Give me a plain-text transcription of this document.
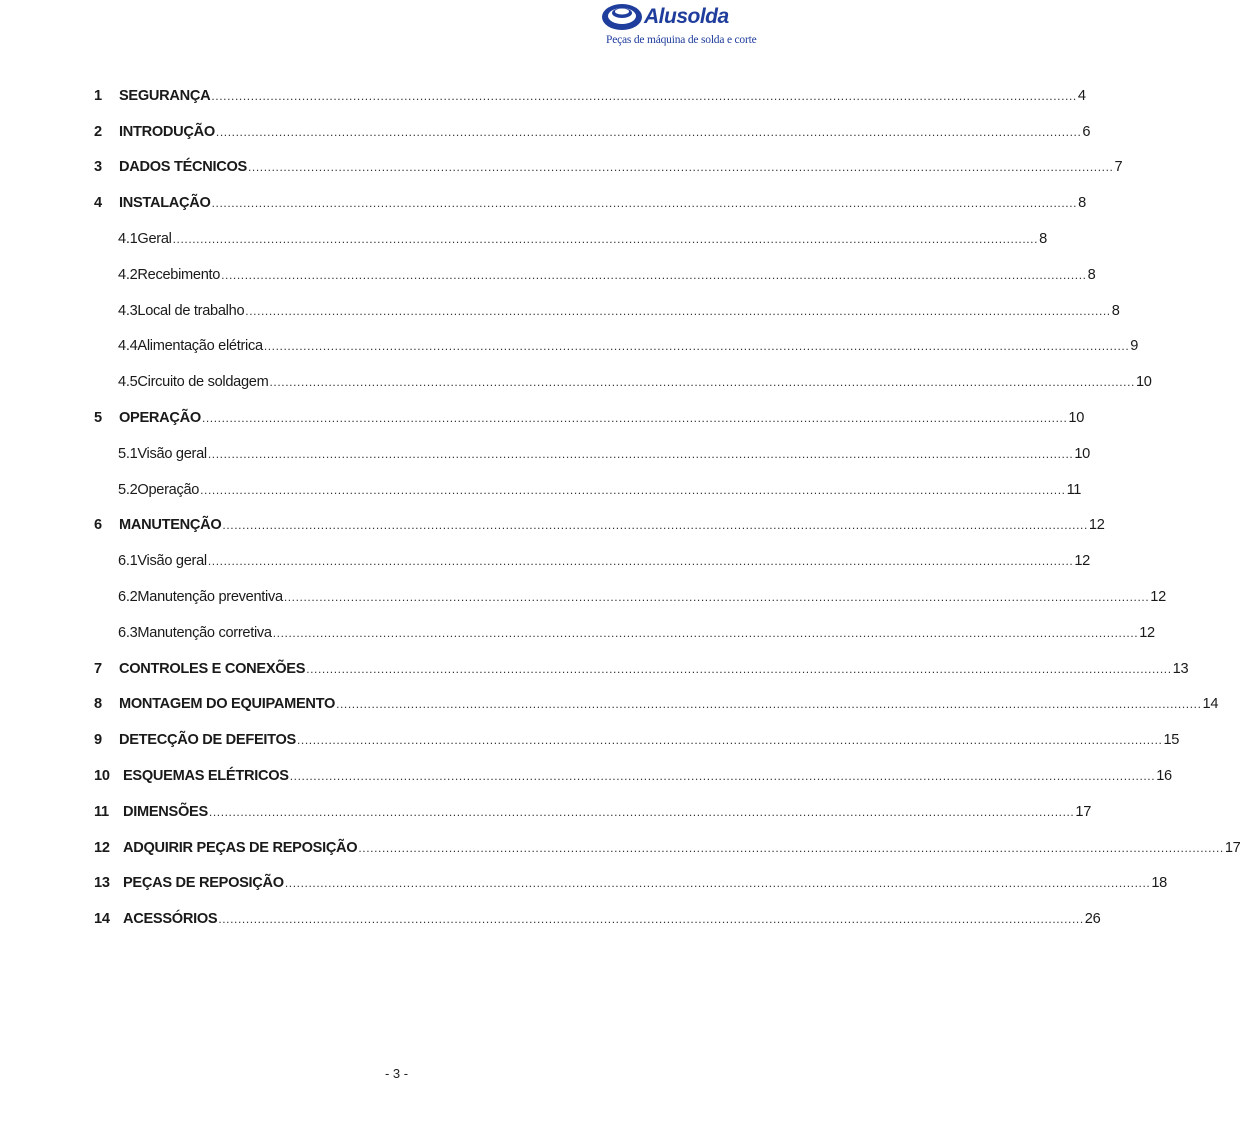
Alusolda
Peças de máquina de solda e corte
1	SEGURANÇA ............................................................................................................................................................................................................................ 4
2	INTRODUÇÃO ............................................................................................................................................................................................................................ 6
3	DADOS TÉCNICOS ............................................................................................................................................................................................................................ 7
4	INSTALAÇÃO ............................................................................................................................................................................................................................ 8
4.1 Geral ............................................................................................................................................................................................................................ 8
4.2 Recebimento ............................................................................................................................................................................................................................ 8
4.3 Local de trabalho ............................................................................................................................................................................................................................ 8
4.4 Alimentação elétrica ............................................................................................................................................................................................................................ 9
4.5 Circuito de soldagem ............................................................................................................................................................................................................................ 10
5	OPERAÇÃO ............................................................................................................................................................................................................................ 10
5.1 Visão geral ............................................................................................................................................................................................................................ 10
5.2 Operação ............................................................................................................................................................................................................................ 11
6	MANUTENÇÃO ............................................................................................................................................................................................................................ 12
6.1 Visão geral ............................................................................................................................................................................................................................ 12
6.2 Manutenção preventiva ............................................................................................................................................................................................................................ 12
6.3 Manutenção corretiva ............................................................................................................................................................................................................................ 12
7	CONTROLES E CONEXÕES ............................................................................................................................................................................................................................ 13
8	MONTAGEM DO EQUIPAMENTO ............................................................................................................................................................................................................................ 14
9	DETECÇÃO DE DEFEITOS ............................................................................................................................................................................................................................ 15
10 ESQUEMAS ELÉTRICOS ............................................................................................................................................................................................................................ 16
11 DIMENSÕES ............................................................................................................................................................................................................................ 17
12 ADQUIRIR PEÇAS DE REPOSIÇÃO ............................................................................................................................................................................................................................ 17
13 PEÇAS DE REPOSIÇÃO ............................................................................................................................................................................................................................ 18
14 ACESSÓRIOS ............................................................................................................................................................................................................................ 26
- 3 -
